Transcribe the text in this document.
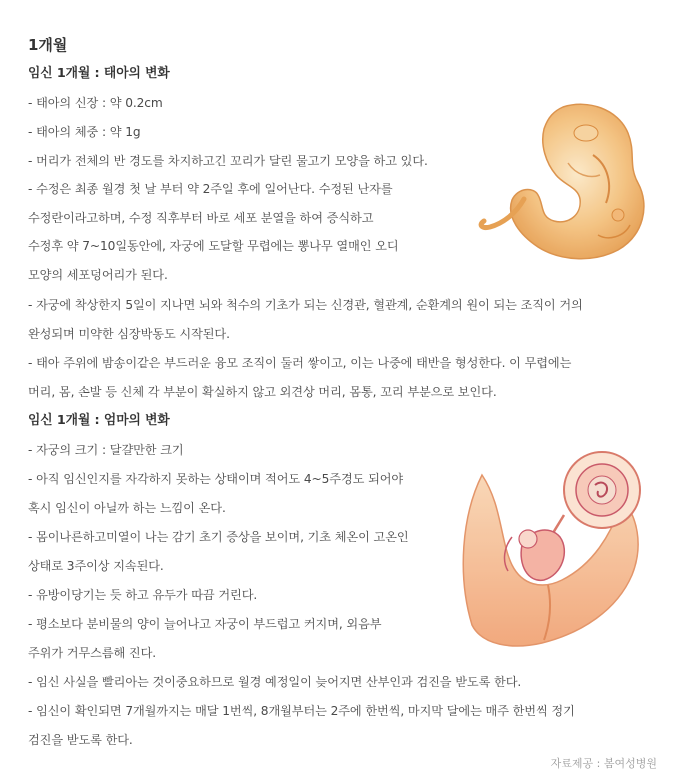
1개월
임신 1개월 : 태아의 변화
- 태아의 신장 : 약 0.2cm
- 태아의 체중 : 약 1g
- 머리가 전체의 반 경도를 차지하고긴 꼬리가 달린 물고기 모양을 하고 있다.
- 수정은 최종 월경 첫 날 부터 약 2주일 후에 일어난다. 수정된 난자를
수정란이라고하며, 수정 직후부터 바로 세포 분열을 하여 증식하고
수정후 약 7~10일동안에, 자궁에 도달할 무렵에는 뽕나무 열매인 오디
모양의 세포덩어리가 된다.
- 자궁에 착상한지 5일이 지나면 뇌와 척수의 기초가 되는 신경관, 혈관계, 순환계의 원이 되는 조직이 거의
완성되며 미약한 심장박동도 시작된다.
- 태아 주위에 밤송이같은 부드러운 융모 조직이 둘러 쌓이고, 이는 나중에 태반을 형성한다. 이 무렵에는
머리, 몸, 손발 등 신체 각 부분이 확실하지 않고 외견상 머리, 몸통, 꼬리 부분으로 보인다.
임신 1개월 : 엄마의 변화
- 자궁의 크기 : 달걀만한 크기
- 아직 임신인지를 자각하지 못하는 상태이며 적어도 4~5주경도 되어야
혹시 임신이 아닐까 하는 느낌이 온다.
- 몸이나른하고미열이 나는 감기 초기 증상을 보이며, 기초 체온이 고온인
상태로 3주이상 지속된다.
- 유방이당기는 듯 하고 유두가 따끔 거린다.
- 평소보다 분비물의 양이 늘어나고 자궁이 부드럽고 커지며, 외음부
주위가 거무스름해 진다.
- 임신 사실을 빨리아는 것이중요하므로 월경 예정일이 늦어지면 산부인과 검진을 받도록 한다.
- 임신이 확인되면 7개월까지는 매달 1번씩, 8개월부터는 2주에 한번씩, 마지막 달에는 매주 한번씩 정기
검진을 받도록 한다.
자료제공 : 봄여성병원
